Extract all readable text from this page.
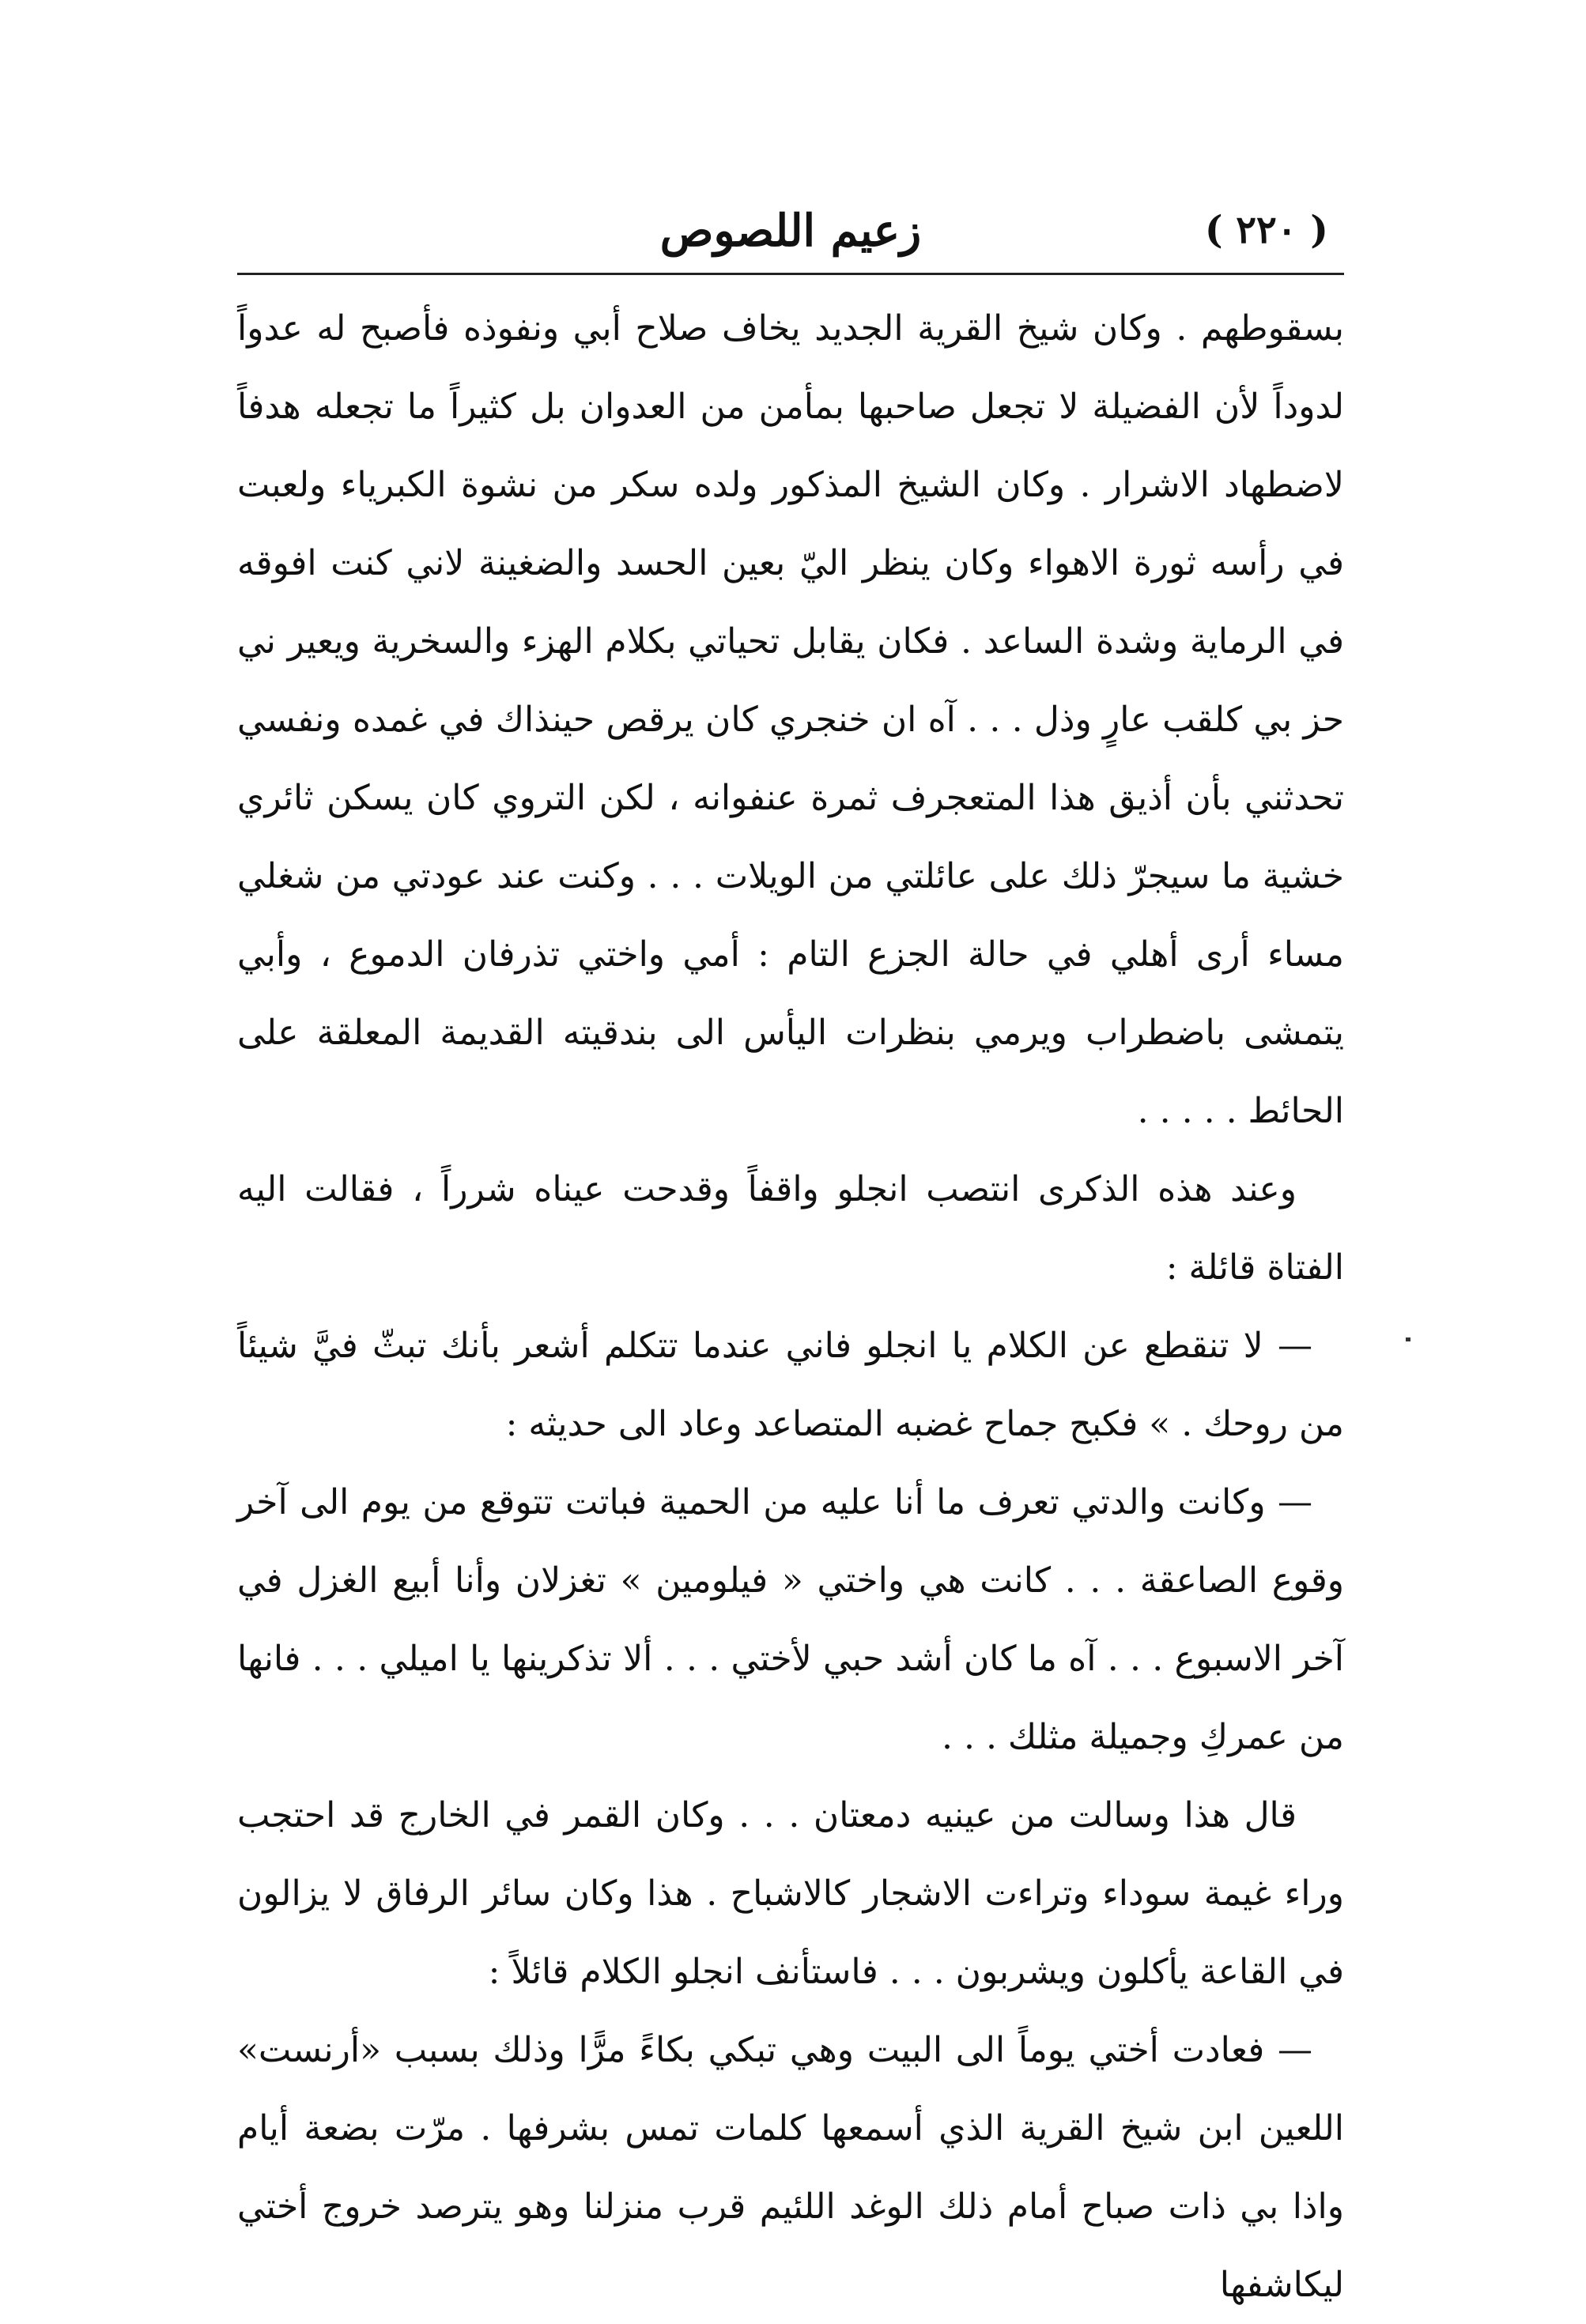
( ٢٢٠ )
زعيم اللصوص

بسقوطهم . وكان شيخ القرية الجديد يخاف صلاح أبي ونفوذه فأصبح له عدواً لدوداً لأن الفضيلة لا تجعل صاحبها بمأمن من العدوان بل كثيراً ما تجعله هدفاً لاضطهاد الاشرار . وكان الشيخ المذكور ولده سكر من نشوة الكبرياء ولعبت في رأسه ثورة الاهواء وكان ينظر اليّ بعين الحسد والضغينة لاني كنت افوقه في الرماية وشدة الساعد . فكان يقابل تحياتي بكلام الهزء والسخرية ويعير ني حز بي كلقب عارٍ وذل . . . آه ان خنجري كان يرقص حينذاك في غمده ونفسي تحدثني بأن أذيق هذا المتعجرف ثمرة عنفوانه ، لكن التروي كان يسكن ثائري خشية ما سيجرّ ذلك على عائلتي من الويلات . . . وكنت عند عودتي من شغلي مساء أرى أهلي في حالة الجزع التام : أمي واختي تذرفان الدموع ، وأبي يتمشى باضطراب ويرمي بنظرات اليأس الى بندقيته القديمة المعلقة على الحائط . . . . .

وعند هذه الذكرى انتصب انجلو واقفاً وقدحت عيناه شرراً ، فقالت اليه الفتاة قائلة :

— لا تنقطع عن الكلام يا انجلو فاني عندما تتكلم أشعر بأنك تبثّ فيَّ شيئاً من روحك . » فكبح جماح غضبه المتصاعد وعاد الى حديثه :

— وكانت والدتي تعرف ما أنا عليه من الحمية فباتت تتوقع من يوم الى آخر وقوع الصاعقة . . . كانت هي واختي « فيلومين » تغزلان وأنا أبيع الغزل في آخر الاسبوع . . . آه ما كان أشد حبي لأختي . . . ألا تذكرينها يا اميلي . . . فانها من عمركِ وجميلة مثلك . . .

قال هذا وسالت من عينيه دمعتان . . . وكان القمر في الخارج قد احتجب وراء غيمة سوداء وتراءت الاشجار كالاشباح . هذا وكان سائر الرفاق لا يزالون في القاعة يأكلون ويشربون . . . فاستأنف انجلو الكلام قائلاً :

— فعادت أختي يوماً الى البيت وهي تبكي بكاءً مرًّا وذلك بسبب «أرنست» اللعين ابن شيخ القرية الذي أسمعها كلمات تمس بشرفها . مرّت بضعة أيام واذا بي ذات صباح أمام ذلك الوغد اللئيم قرب منزلنا وهو يترصد خروج أختي ليكاشفها
